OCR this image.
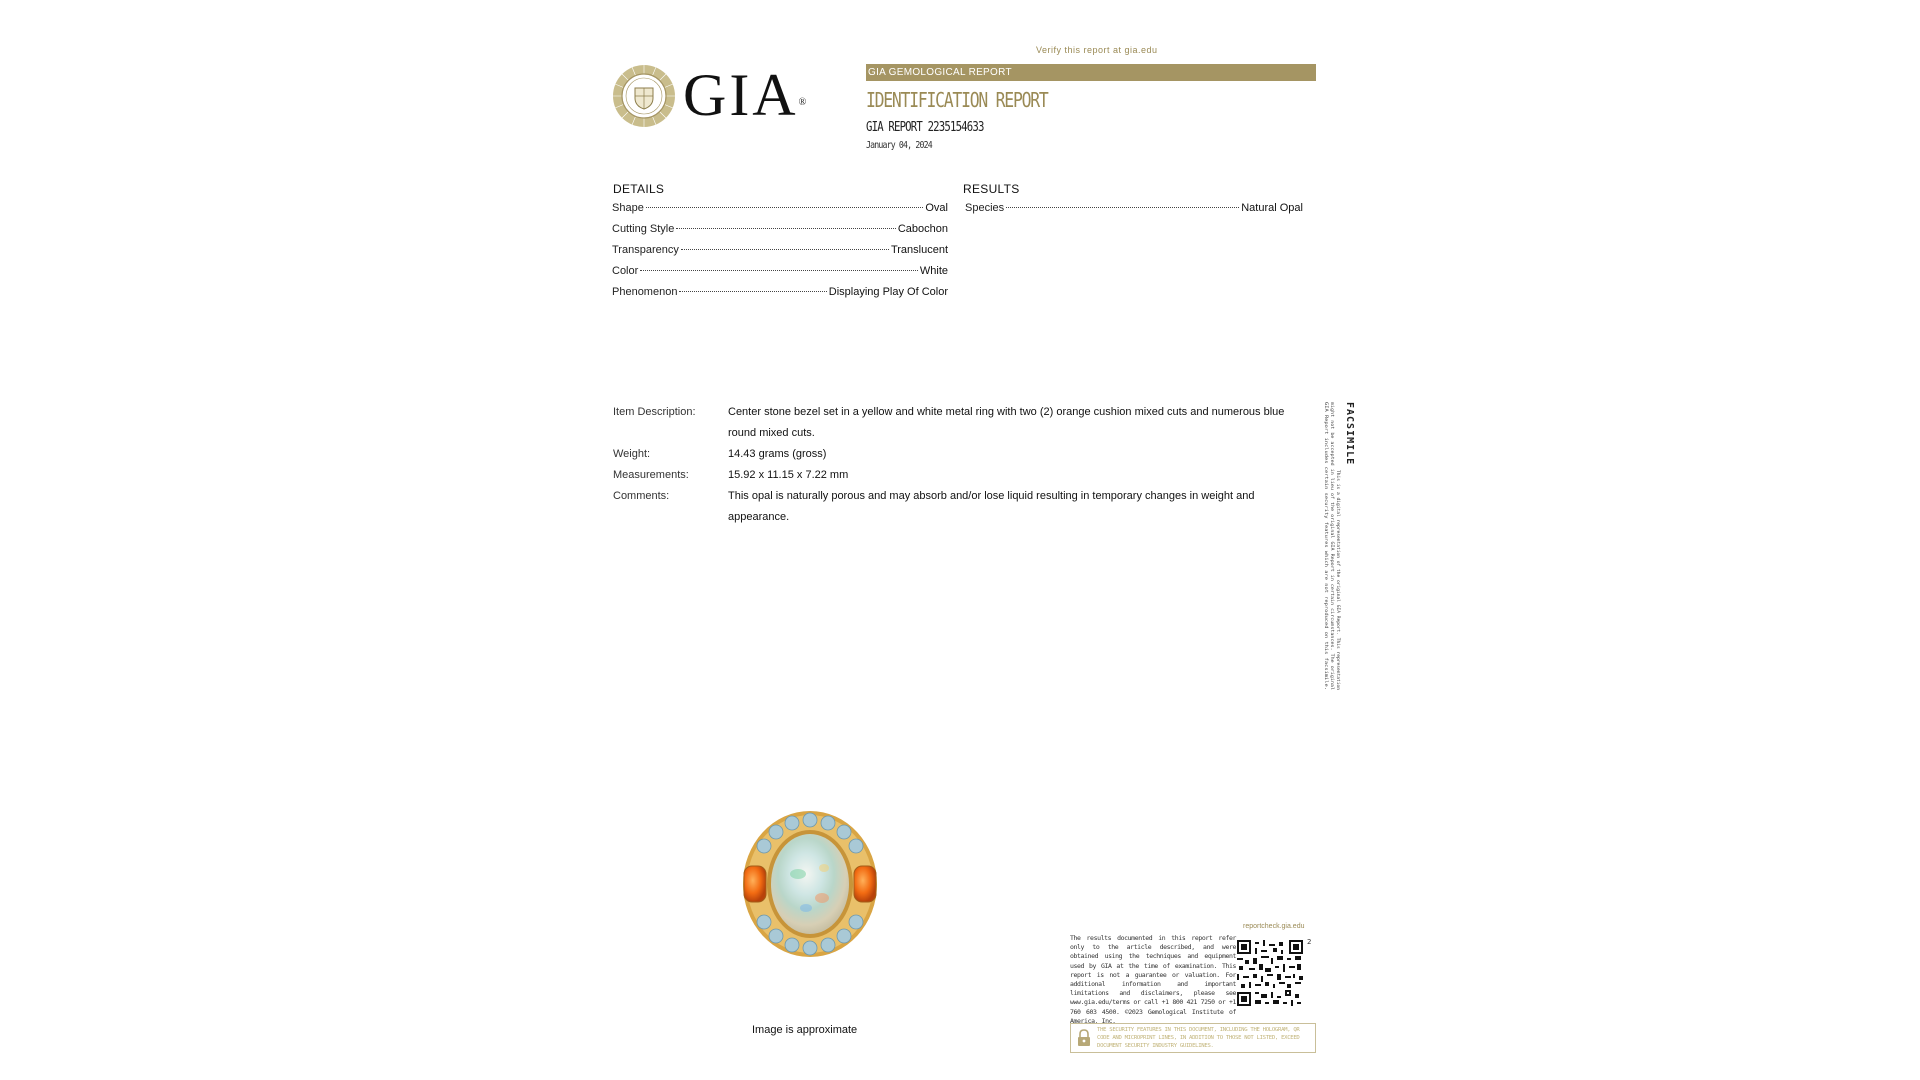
Verify this report at gia.edu
GIA®
GIA GEMOLOGICAL REPORT
IDENTIFICATION REPORT
GIA REPORT 2235154633
January 04, 2024
DETAILS
Shape	Oval
Cutting Style	Cabochon
Transparency	Translucent
Color	White
Phenomenon	Displaying Play Of Color
RESULTS
Species	Natural Opal
Item Description:	Center stone bezel set in a yellow and white metal ring with two (2) orange cushion mixed cuts and numerous blue round mixed cuts.
Weight:	14.43 grams (gross)
Measurements:	15.92 x 11.15 x 7.22 mm
Comments:	This opal is naturally porous and may absorb and/or lose liquid resulting in temporary changes in weight and appearance.
FACSIMILE
This is a digital representation of the original GIA Report. This representation
might not be accepted in lieu of the original GIA Report in certain circumstances. The original
GIA Report includes certain security features which are not reproduced on this facsimile.
Image is approximate
reportcheck.gia.edu
The results documented in this report refer only to the article described, and were obtained using the techniques and equipment used by GIA at the time of examination. This report is not a guarantee or valuation. For additional information and important limitations and disclaimers, please see www.gia.edu/terms or call +1 800 421 7250 or +1 760 603 4500. ©2023 Gemological Institute of America, Inc.
2
THE SECURITY FEATURES IN THIS DOCUMENT, INCLUDING THE HOLOGRAM, QR CODE AND MICROPRINT LINES, IN ADDITION TO THOSE NOT LISTED, EXCEED DOCUMENT SECURITY INDUSTRY GUIDELINES.
